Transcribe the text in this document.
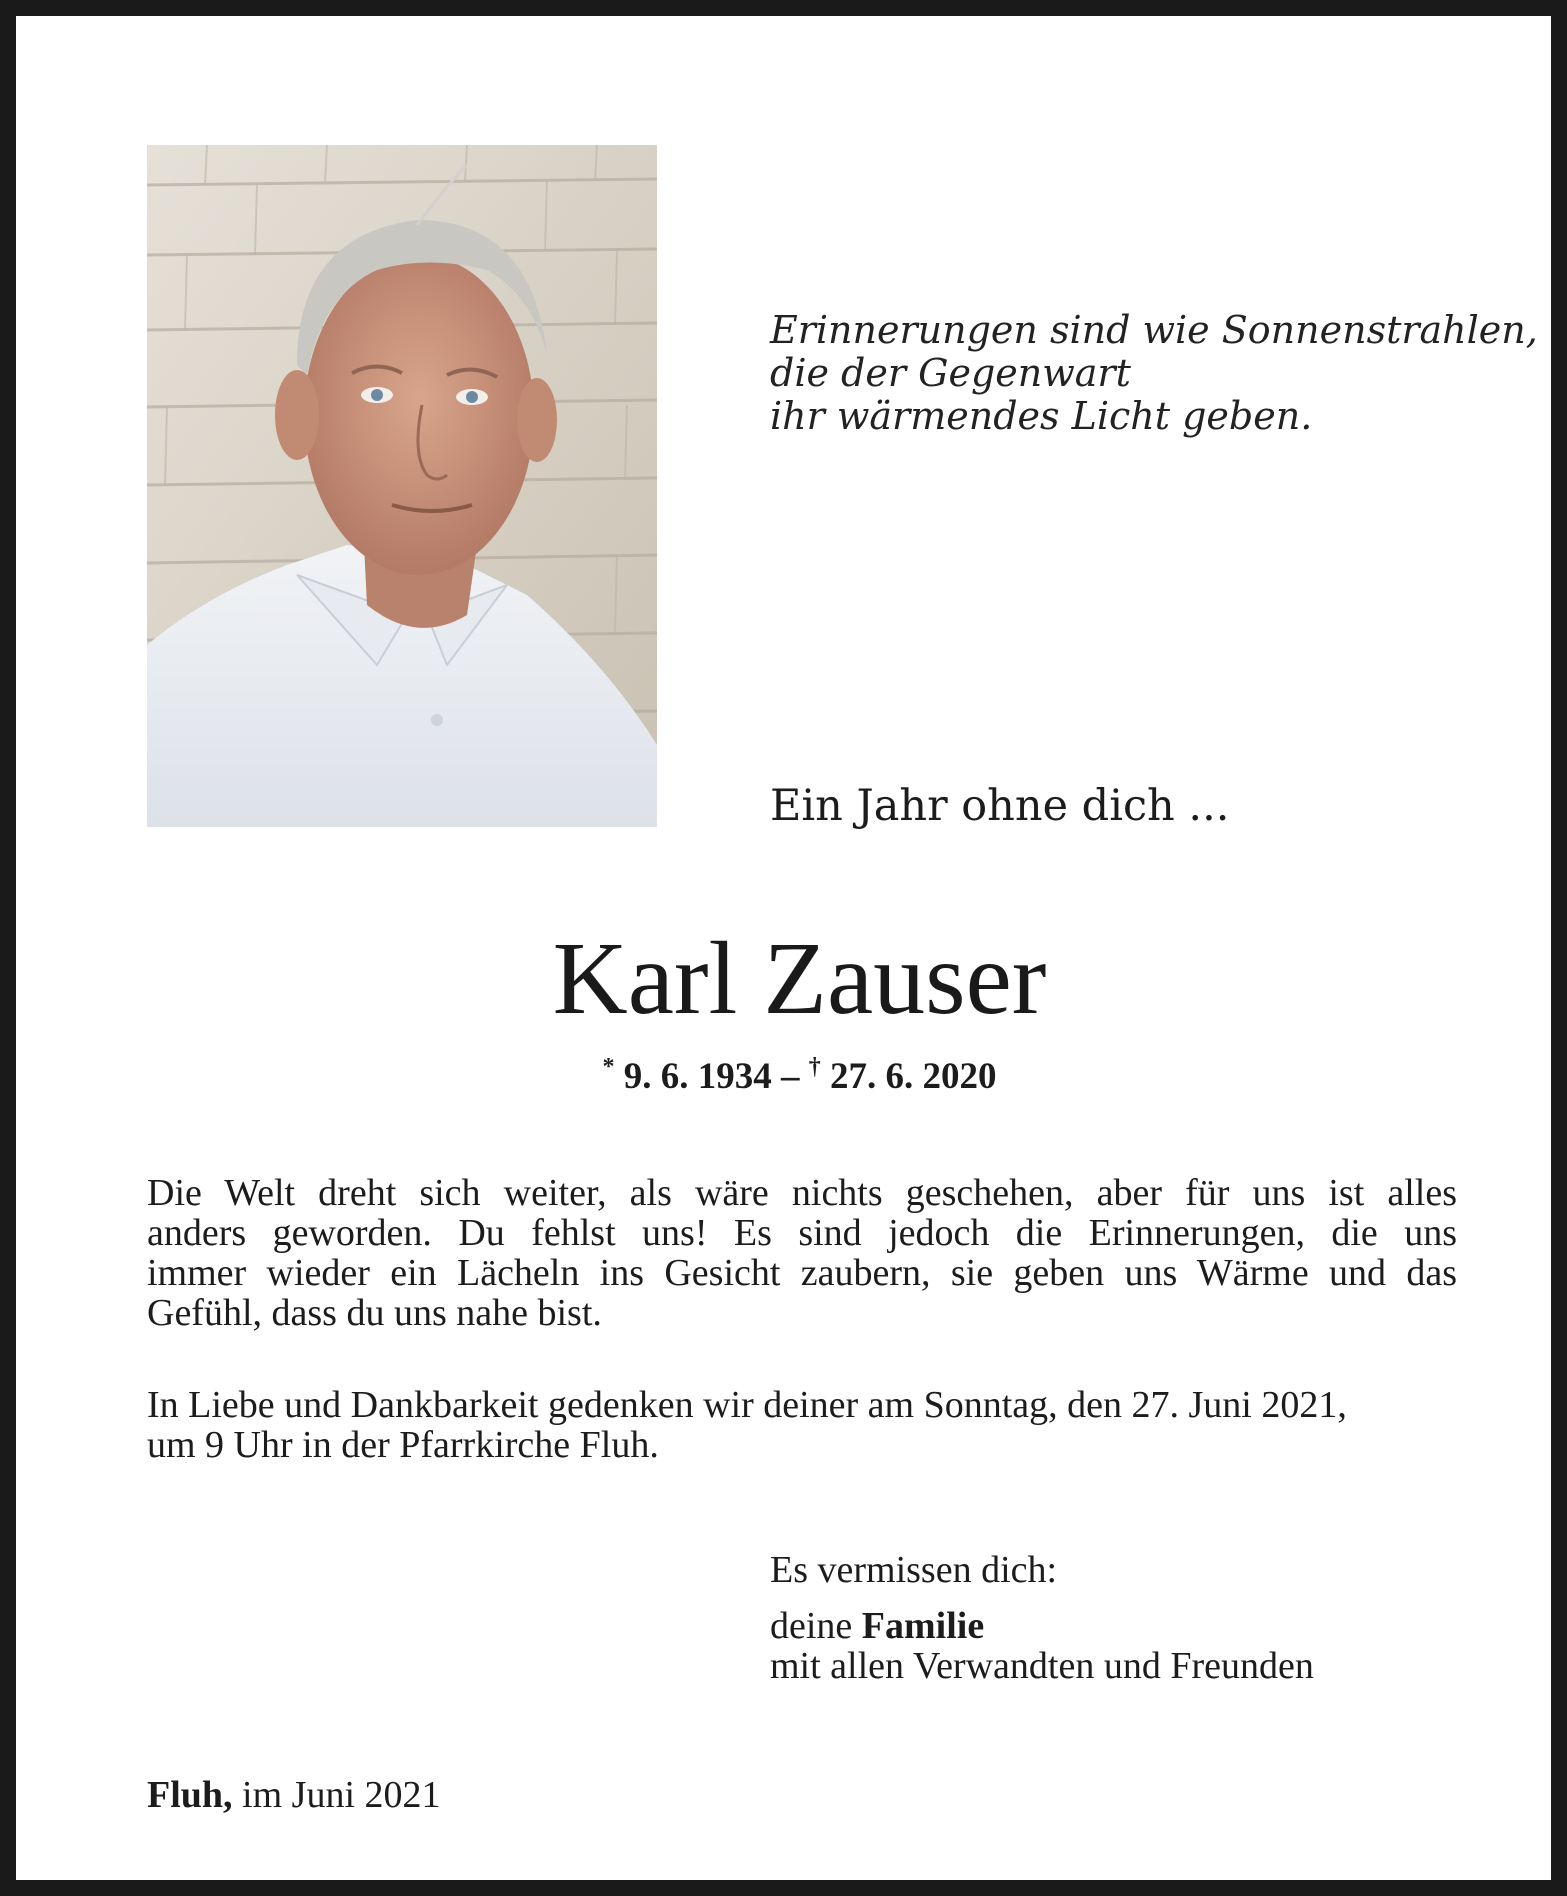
Erinnerungen sind wie Sonnenstrahlen,
die der Gegenwart
ihr wärmendes Licht geben.
Ein Jahr ohne dich ...
Karl Zauser
* 9. 6. 1934 – † 27. 6. 2020
Die Welt dreht sich weiter, als wäre nichts geschehen, aber für uns ist alles
anders geworden. Du fehlst uns! Es sind jedoch die Erinnerungen, die uns
immer wieder ein Lächeln ins Gesicht zaubern, sie geben uns Wärme und das
Gefühl, dass du uns nahe bist.
In Liebe und Dankbarkeit gedenken wir deiner am Sonntag, den 27. Juni 2021,
um 9 Uhr in der Pfarrkirche Fluh.
Es vermissen dich:
deine Familie
mit allen Verwandten und Freunden
Fluh, im Juni 2021
